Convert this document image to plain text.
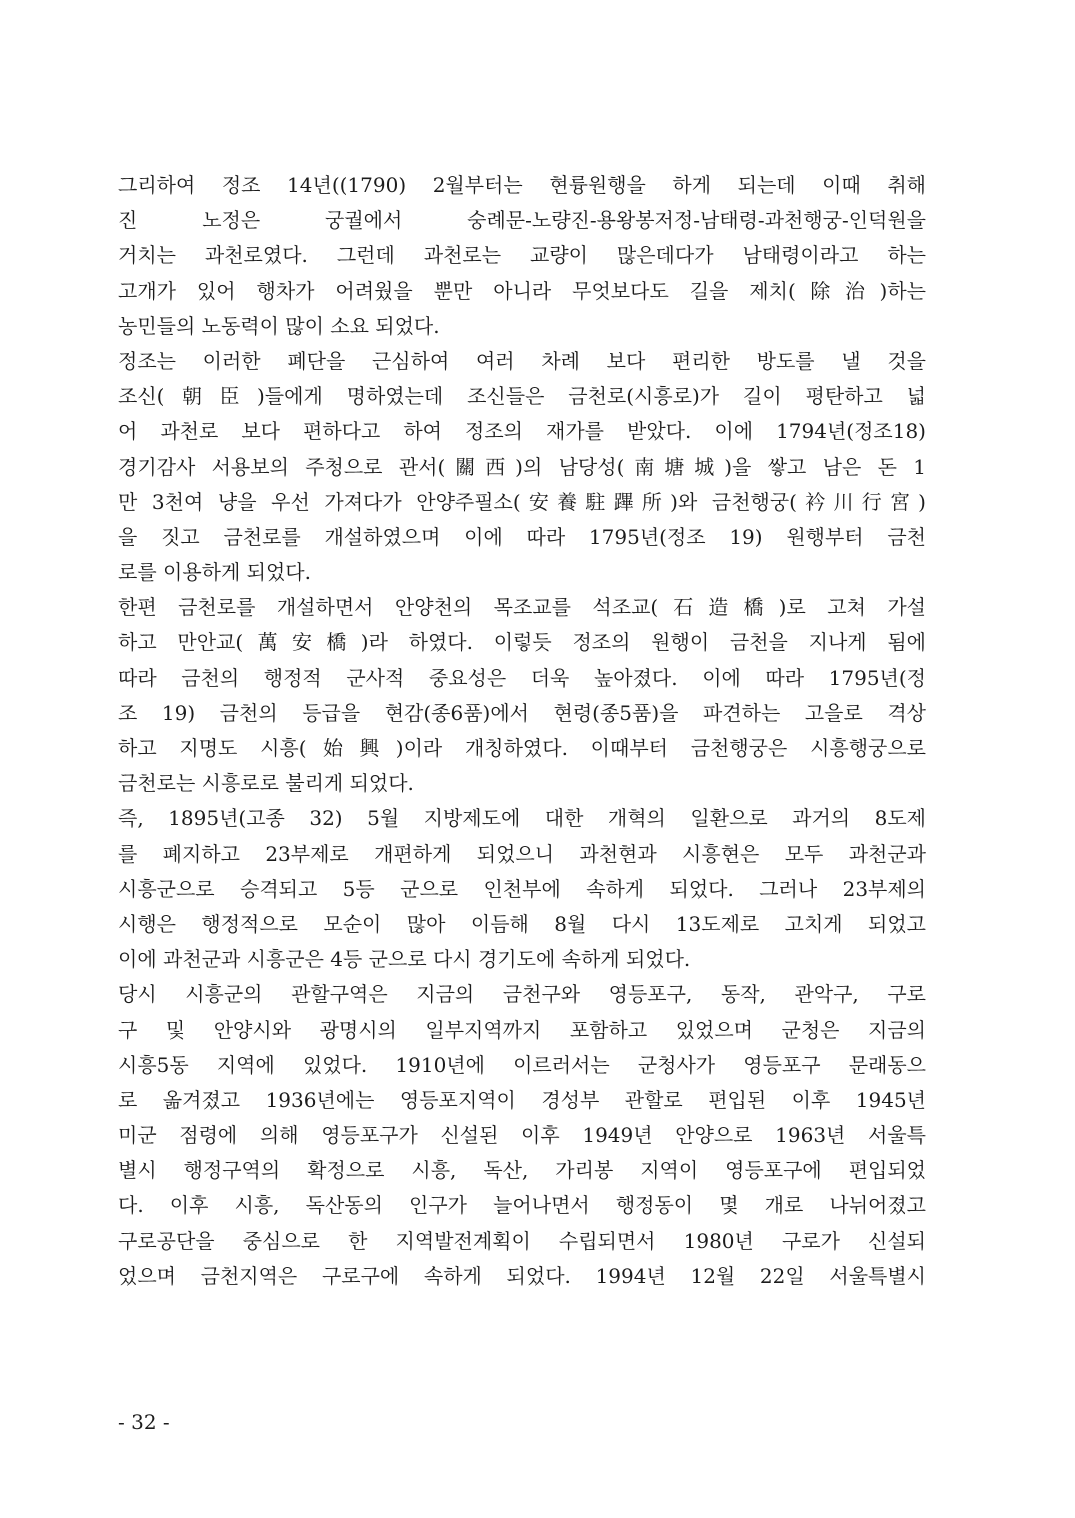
그리하여 정조 14년((1790) 2월부터는 현륭원행을 하게 되는데 이때 취해
진 노정은 궁궐에서 숭례문-노량진-용왕봉저정-남태령-과천행궁-인덕원을
거치는 과천로였다. 그런데 과천로는 교량이 많은데다가 남태령이라고 하는
고개가 있어 행차가 어려웠을 뿐만 아니라 무엇보다도 길을 제치(除治)하는
농민들의 노동력이 많이 소요 되었다.
정조는 이러한 폐단을 근심하여 여러 차례 보다 편리한 방도를 낼 것을
조신(朝臣)들에게 명하였는데 조신들은 금천로(시흥로)가 길이 평탄하고 넓
어 과천로 보다 편하다고 하여 정조의 재가를 받았다. 이에 1794년(정조18)
경기감사 서용보의 주청으로 관서(關西)의 남당성(南塘城)을 쌓고 남은 돈 1
만 3천여 냥을 우선 가져다가 안양주필소(安養駐蹕所)와 금천행궁(衿川行宮)
을 짓고 금천로를 개설하였으며 이에 따라 1795년(정조 19) 원행부터 금천
로를 이용하게 되었다.
한편 금천로를 개설하면서 안양천의 목조교를 석조교(石造橋)로 고쳐 가설
하고 만안교(萬安橋)라 하였다. 이렇듯 정조의 원행이 금천을 지나게 됨에
따라 금천의 행정적 군사적 중요성은 더욱 높아졌다. 이에 따라 1795년(정
조 19) 금천의 등급을 현감(종6품)에서 현령(종5품)을 파견하는 고을로 격상
하고 지명도 시흥(始興)이라 개칭하였다. 이때부터 금천행궁은 시흥행궁으로
금천로는 시흥로로 불리게 되었다.
즉, 1895년(고종 32) 5월 지방제도에 대한 개혁의 일환으로 과거의 8도제
를 폐지하고 23부제로 개편하게 되었으니 과천현과 시흥현은 모두 과천군과
시흥군으로 승격되고 5등 군으로 인천부에 속하게 되었다. 그러나 23부제의
시행은 행정적으로 모순이 많아 이듬해 8월 다시 13도제로 고치게 되었고
이에 과천군과 시흥군은 4등 군으로 다시 경기도에 속하게 되었다.
당시 시흥군의 관할구역은 지금의 금천구와 영등포구, 동작, 관악구, 구로
구 및 안양시와 광명시의 일부지역까지 포함하고 있었으며 군청은 지금의
시흥5동 지역에 있었다. 1910년에 이르러서는 군청사가 영등포구 문래동으
로 옮겨졌고 1936년에는 영등포지역이 경성부 관할로 편입된 이후 1945년
미군 점령에 의해 영등포구가 신설된 이후 1949년 안양으로 1963년 서울특
별시 행정구역의 확정으로 시흥, 독산, 가리봉 지역이 영등포구에 편입되었
다. 이후 시흥, 독산동의 인구가 늘어나면서 행정동이 몇 개로 나뉘어졌고
구로공단을 중심으로 한 지역발전계획이 수립되면서 1980년 구로가 신설되
었으며 금천지역은 구로구에 속하게 되었다. 1994년 12월 22일 서울특별시
- 32 -
